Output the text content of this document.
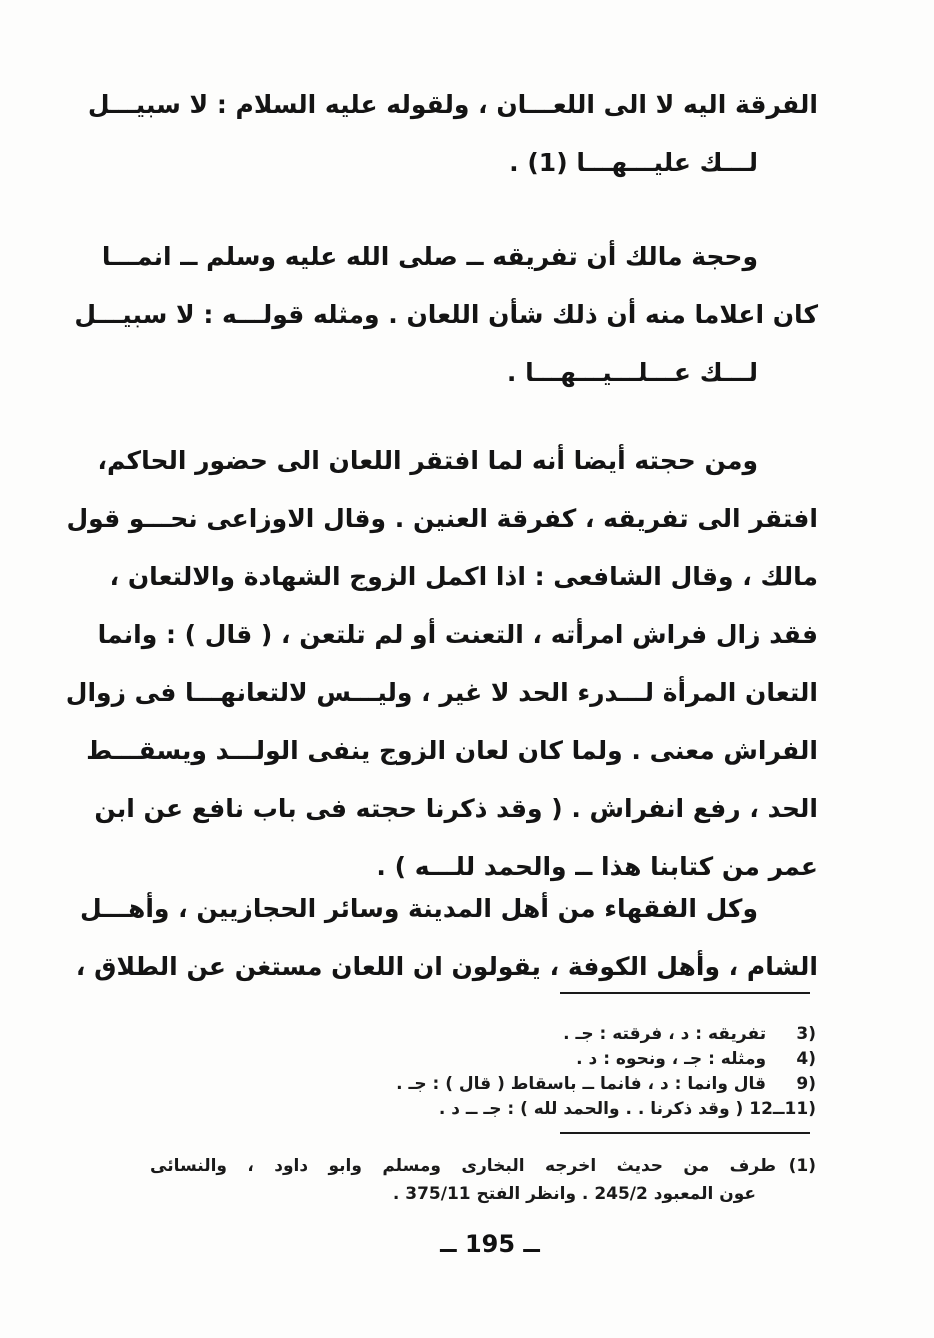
الفرقة اليه لا الى اللعـــان ، ولقوله عليه السلام : لا سبيـــل
لـــك عليـــهـــا (1) .
وحجة مالك أن تفريقه ــ صلى الله عليه وسلم ــ انمـــا
كان اعلاما منه أن ذلك شأن اللعان . ومثله قولـــه : لا سبيـــل
لـــك عـــلـــيـــهـــا .
ومن حجته أيضا أنه لما افتقر اللعان الى حضور الحاكم،
افتقر الى تفريقه ، كفرقة العنين . وقال الاوزاعى نحـــو قول
مالك ، وقال الشافعى : اذا اكمل الزوج الشهادة والالتعان ،
فقد زال فراش امرأته ، التعنت أو لم تلتعن ، ( قال ) : وانما
التعان المرأة لـــدرء الحد لا غير ، وليـــس لالتعانهـــا فى زوال
الفراش معنى . ولما كان لعان الزوج ينفى الولـــد ويسقـــط
الحد ، رفع انفراش . ( وقد ذكرنا حجته فى باب نافع عن ابن
عمر من كتابنا هذا ــ والحمد للـــه ) .
وكل الفقهاء من أهل المدينة وسائر الحجازيين ، وأهـــل
الشام ، وأهل الكوفة ، يقولون ان اللعان مستغن عن الطلاق ،
(3 تفريقه : د ، فرقته : جـ .
(4 ومثله : جـ ، ونحوه : د .
(9 قال وانما : د ، فانما ــ باسقاط ( قال ) : جـ .
(11ــ12 ( وقد ذكرنا . . والحمد لله ) : جـ ــ د .
(1)طرف من حديث اخرجه البخارى ومسلم وابو داود ، والنسائى
عون المعبود 245/2 . وانظر الفتح 375/11 .
ــ 195 ــ
